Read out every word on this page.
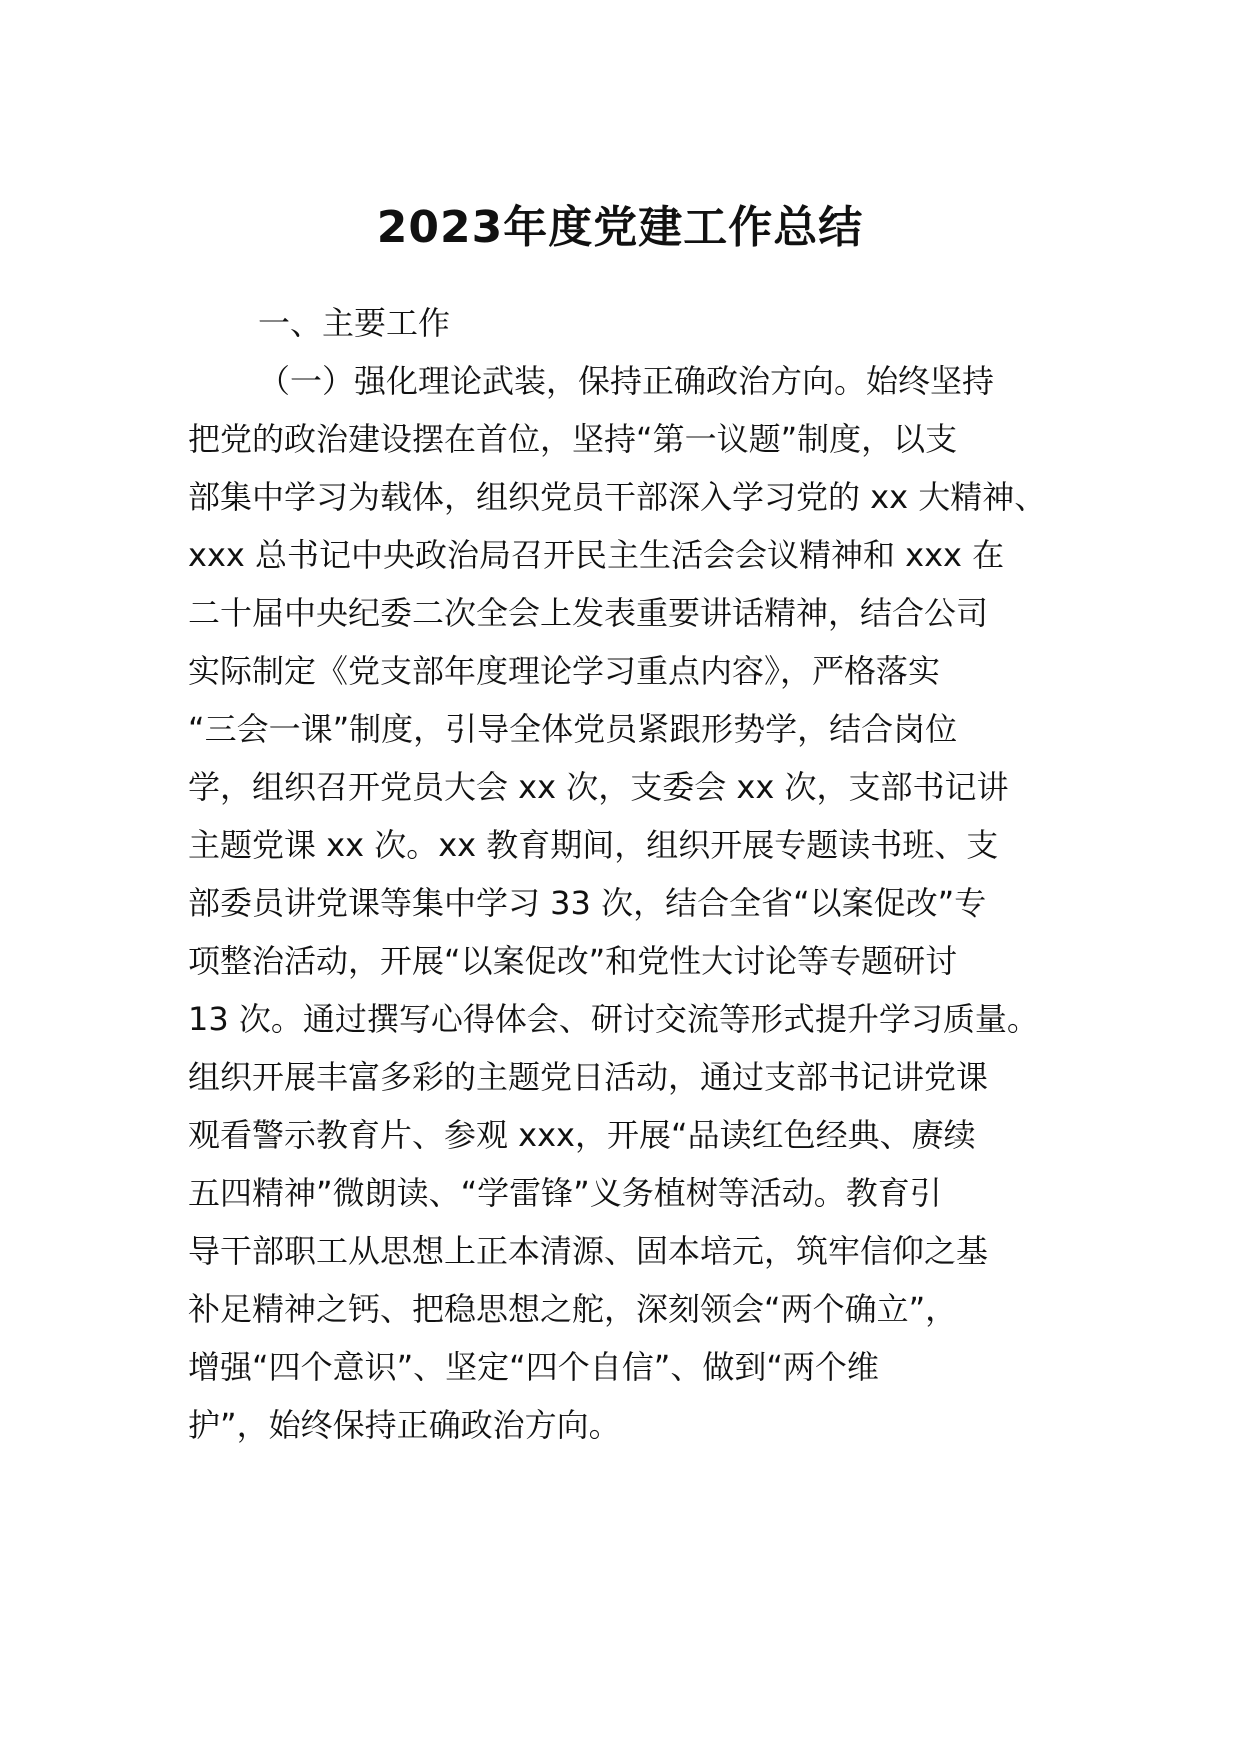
2023年度党建工作总结
一、主要工作
（一）强化理论武装，保持正确政治方向。始终坚持
把党的政治建设摆在首位，坚持“第一议题”制度，以支
部集中学习为载体，组织党员干部深入学习党的 xx 大精神、
xxx 总书记中央政治局召开民主生活会会议精神和 xxx 在
二十届中央纪委二次全会上发表重要讲话精神，结合公司
实际制定《党支部年度理论学习重点内容》，严格落实
“三会一课”制度，引导全体党员紧跟形势学，结合岗位
学，组织召开党员大会 xx 次，支委会 xx 次，支部书记讲
主题党课 xx 次。xx 教育期间，组织开展专题读书班、支
部委员讲党课等集中学习 33 次，结合全省“以案促改”专
项整治活动，开展“以案促改”和党性大讨论等专题研讨
13 次。通过撰写心得体会、研讨交流等形式提升学习质量。
组织开展丰富多彩的主题党日活动，通过支部书记讲党课
观看警示教育片、参观 xxx，开展“品读红色经典、赓续
五四精神”微朗读、“学雷锋”义务植树等活动。教育引
导干部职工从思想上正本清源、固本培元，筑牢信仰之基
补足精神之钙、把稳思想之舵，深刻领会“两个确立”，
增强“四个意识”、坚定“四个自信”、做到“两个维
护”，始终保持正确政治方向。
